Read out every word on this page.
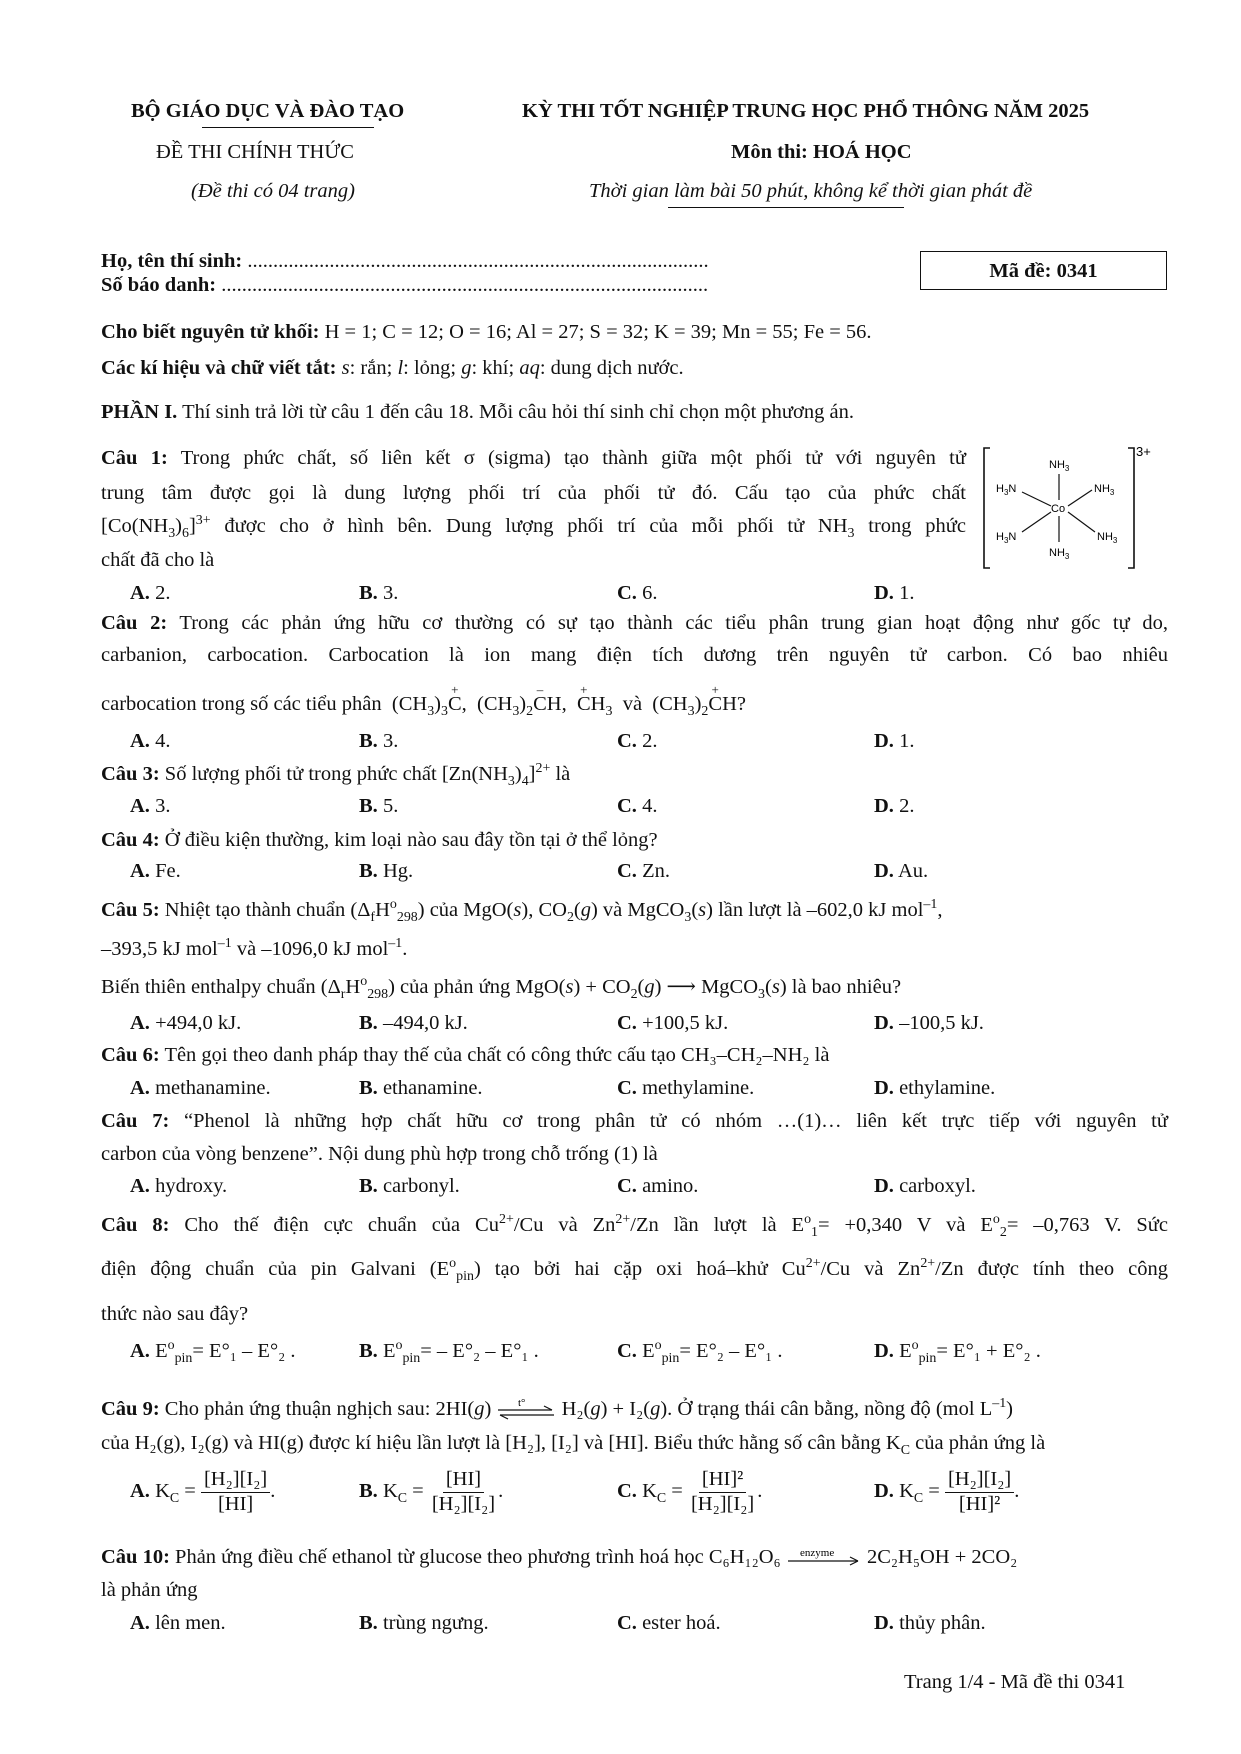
BỘ GIÁO DỤC VÀ ĐÀO TẠO
ĐỀ THI CHÍNH THỨC
(Đề thi có 04 trang)
KỲ THI TỐT NGHIỆP TRUNG HỌC PHỔ THÔNG NĂM 2025
Môn thi: HOÁ HỌC
Thời gian làm bài 50 phút, không kể thời gian phát đề
Họ, tên thí sinh: ..........................................................................................
Số báo danh: ...............................................................................................
Mã đề:
0341
Cho biết nguyên tử khối: H = 1; C = 12; O = 16; Al = 27; S = 32; K = 39; Mn = 55; Fe = 56.
Các kí hiệu và chữ viết tắt: s: rắn; l: lỏng; g: khí; aq: dung dịch nước.
PHẦN I. Thí sinh trả lời từ câu 1 đến câu 18. Mỗi câu hỏi thí sinh chỉ chọn một phương án.
Câu 1: Trong phức chất, số liên kết σ (sigma) tạo thành giữa một phối tử với nguyên tử
trung tâm được gọi là dung lượng phối trí của phối tử đó. Cấu tạo của phức chất
$[Co(NH_3)_6]^{3+}$ được cho ở hình bên. Dung lượng phối trí của mỗi phối tử $NH_3$ trong phức
chất đã cho là
3+
$NH_3$
Co
$NH_3$
$H_3N$
$H_3N$
$NH_3$
$NH_3$
A. 2.	B. 3.	C. 6.	D. 1.
Câu 2: Trong các phản ứng hữu cơ thường có sự tạo thành các tiểu phân trung gian hoạt động như gốc tự do,
carbanion, carbocation. Carbocation là ion mang điện tích dương trên nguyên tử carbon. Có bao nhiêu
carbocation trong số các tiểu phân  $(CH_3)_3C$
+
,  $(CH_3)_2C$
–
H,  C
+
$H_3$ và  $(CH_3)_2C$
+
H?
A. 4.	B. 3.	C. 2.	D. 1.
Câu 3: Số lượng phối tử trong phức chất $[Zn(NH_3)_4]^{2+}$ là
A. 3.	B. 5.	C. 4.	D. 2.
Câu 4: Ở điều kiện thường, kim loại nào sau đây tồn tại ở thể lỏng?
A. Fe.	B. Hg.	C. Zn.	D. Au.
Câu 5: Nhiệt tạo thành chuẩn $(\Delta_fH^o_{298})$ của MgO(s), $CO_2(g)$ và MgCO$_3$(s) lần lượt là –602,0 kJ mol$^{-1}$,
–393,5 kJ mol$^{-1}$ và –1096,0 kJ mol$^{-1}$.
Biến thiên enthalpy chuẩn $(\Delta_rH^o_{298})$ của phản ứng $MgO(s) + CO_2(g)$ ⟶ MgCO$_3$(s) là bao nhiêu?
A. +494,0 kJ.	B. –494,0 kJ.	C. +100,5 kJ.	D. –100,5 kJ.
Câu 6: Tên gọi theo danh pháp thay thế của chất có công thức cấu tạo CH₃–CH₂–NH₂ là
A. methanamine.	B. ethanamine.	C. methylamine.	D. ethylamine.
Câu 7: “Phenol là những hợp chất hữu cơ trong phân tử có nhóm …(1)… liên kết trực tiếp với nguyên tử
carbon của vòng benzene”. Nội dung phù hợp trong chỗ trống (1) là
A. hydroxy.	B. carbonyl.	C. amino.	D. carboxyl.
Câu 8: Cho thế điện cực chuẩn của $Cu^{2+}/Cu$ và $Zn^{2+}/Zn$ lần lượt là $E^o_1= +0,340$ V và $E^o_2= -0,763$ V. Sức
điện động chuẩn của pin Galvani $(E^o_{pin})$ tạo bởi hai cặp oxi hoá–khử $Cu^{2+}/Cu$ và $Zn^{2+}/Zn$ được tính theo công
thức nào sau đây?
A. $E^o_{pin}= E^\circ_1 - E^\circ_2$ .	B. $E^o_{pin}= - E^\circ_2 - E^\circ_1$ .	C. $E^o_{pin}= E^\circ_2 - E^\circ_1$ .	D. $E^o_{pin}= E^\circ_1 + E^\circ_2$ .
Câu 9: Cho phản ứng thuận nghịch sau: 2HI(g) t° H₂(g) + I₂(g). Ở trạng thái cân bằng, nồng độ (mol $L^{-1}$)
của H₂(g), I₂(g) và HI(g) được kí hiệu lần lượt là [H₂], [I₂] và [HI]. Biểu thức hằng số cân bằng $K_C$ của phản ứng là
A. $K_C = \frac{\text{[H₂][I₂]}}{[HI]}$ .	B. $K_C = \frac{[HI]}{\text{[H₂][I₂]}}$ .	C. $K_C = \frac{\text{[HI]²}}{\text{[H₂][I₂]}}$ .	D. $K_C = \frac{\text{[H₂][I₂]}}{\text{[HI]²}}$ .
Câu 10: Phản ứng điều chế ethanol từ glucose theo phương trình hoá học C₆H₁₂O₆ enzyme 2C₂H₅OH + 2CO₂
là phản ứng
A. lên men.	B. trùng ngưng.	C. ester hoá.	D. thủy phân.
Trang 1/4 - Mã đề thi 0341
